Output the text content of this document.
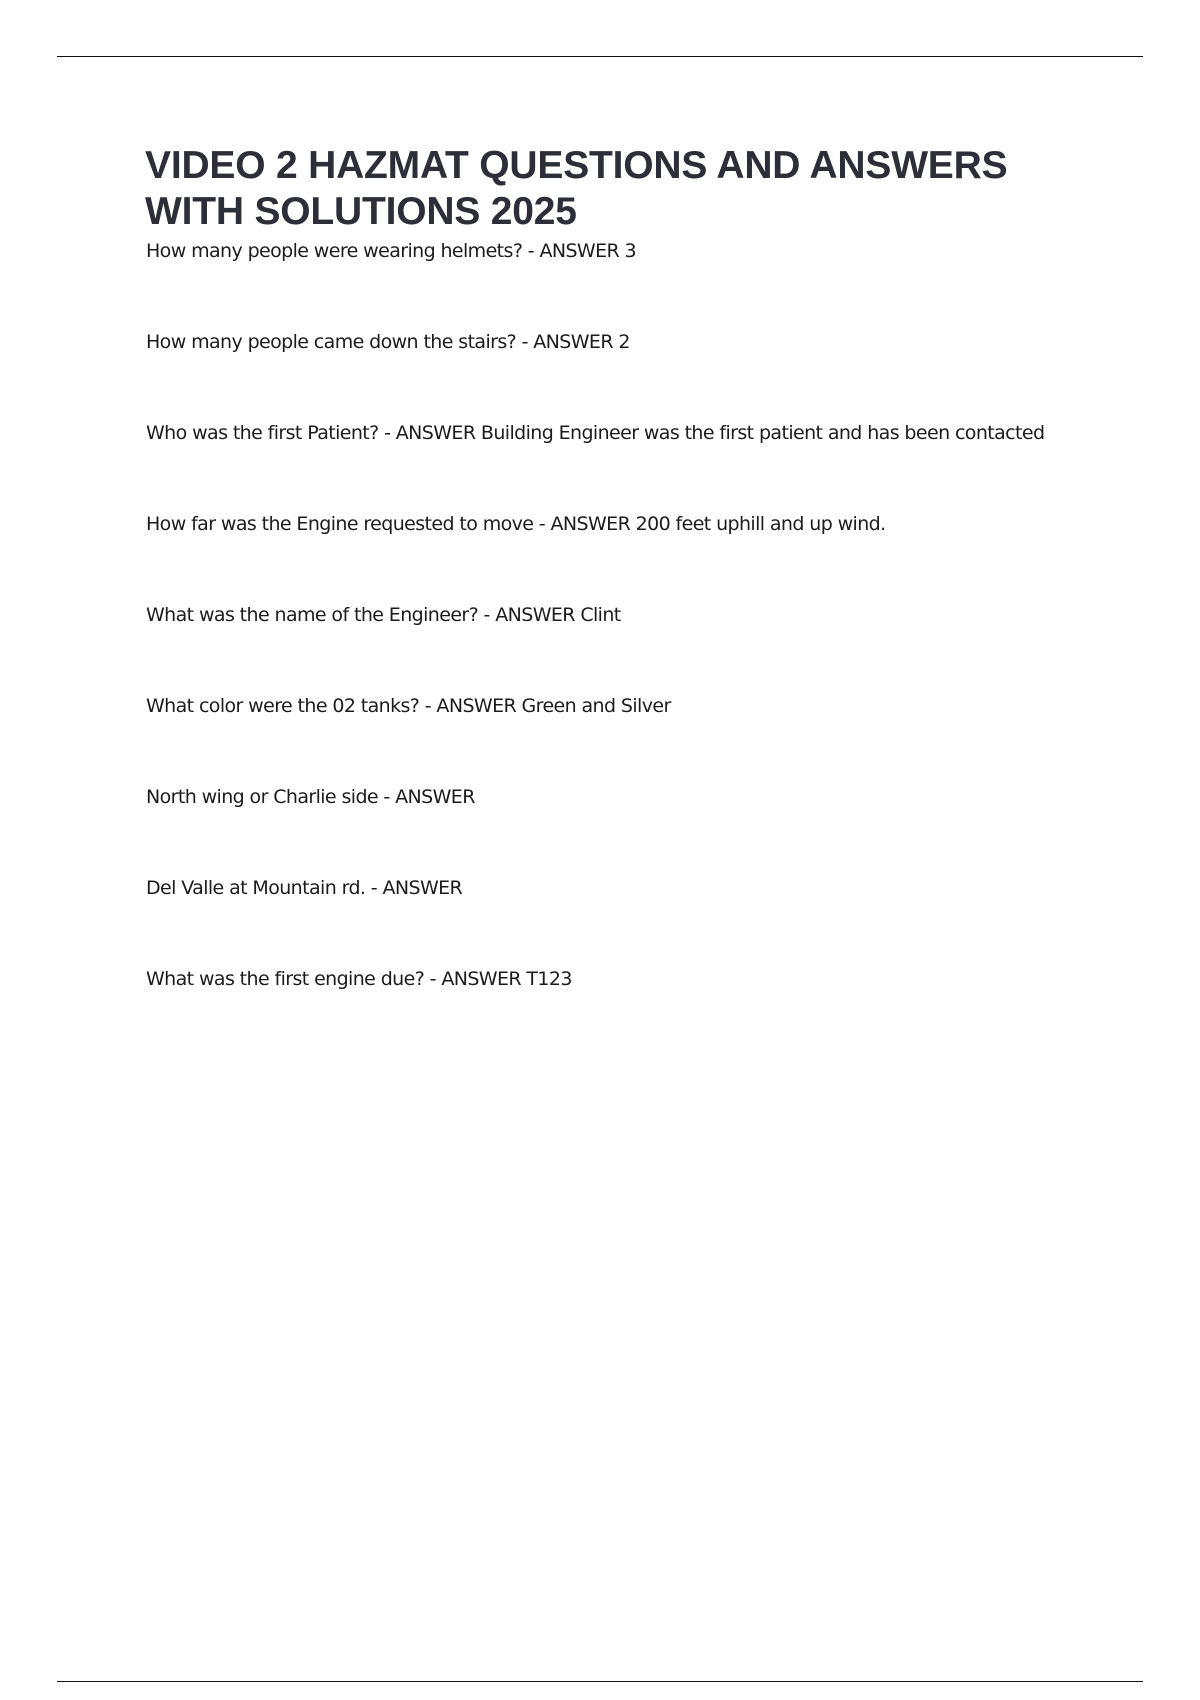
VIDEO 2 HAZMAT QUESTIONS AND ANSWERS WITH SOLUTIONS 2025
How many people were wearing helmets? - ANSWER 3
How many people came down the stairs? - ANSWER 2
Who was the first Patient? - ANSWER Building Engineer was the first patient and has been contacted
How far was the Engine requested to move - ANSWER 200 feet uphill and up wind.
What was the name of the Engineer? - ANSWER Clint
What color were the 02 tanks? - ANSWER Green and Silver
North wing or Charlie side - ANSWER
Del Valle at Mountain rd. - ANSWER
What was the first engine due? - ANSWER T123
